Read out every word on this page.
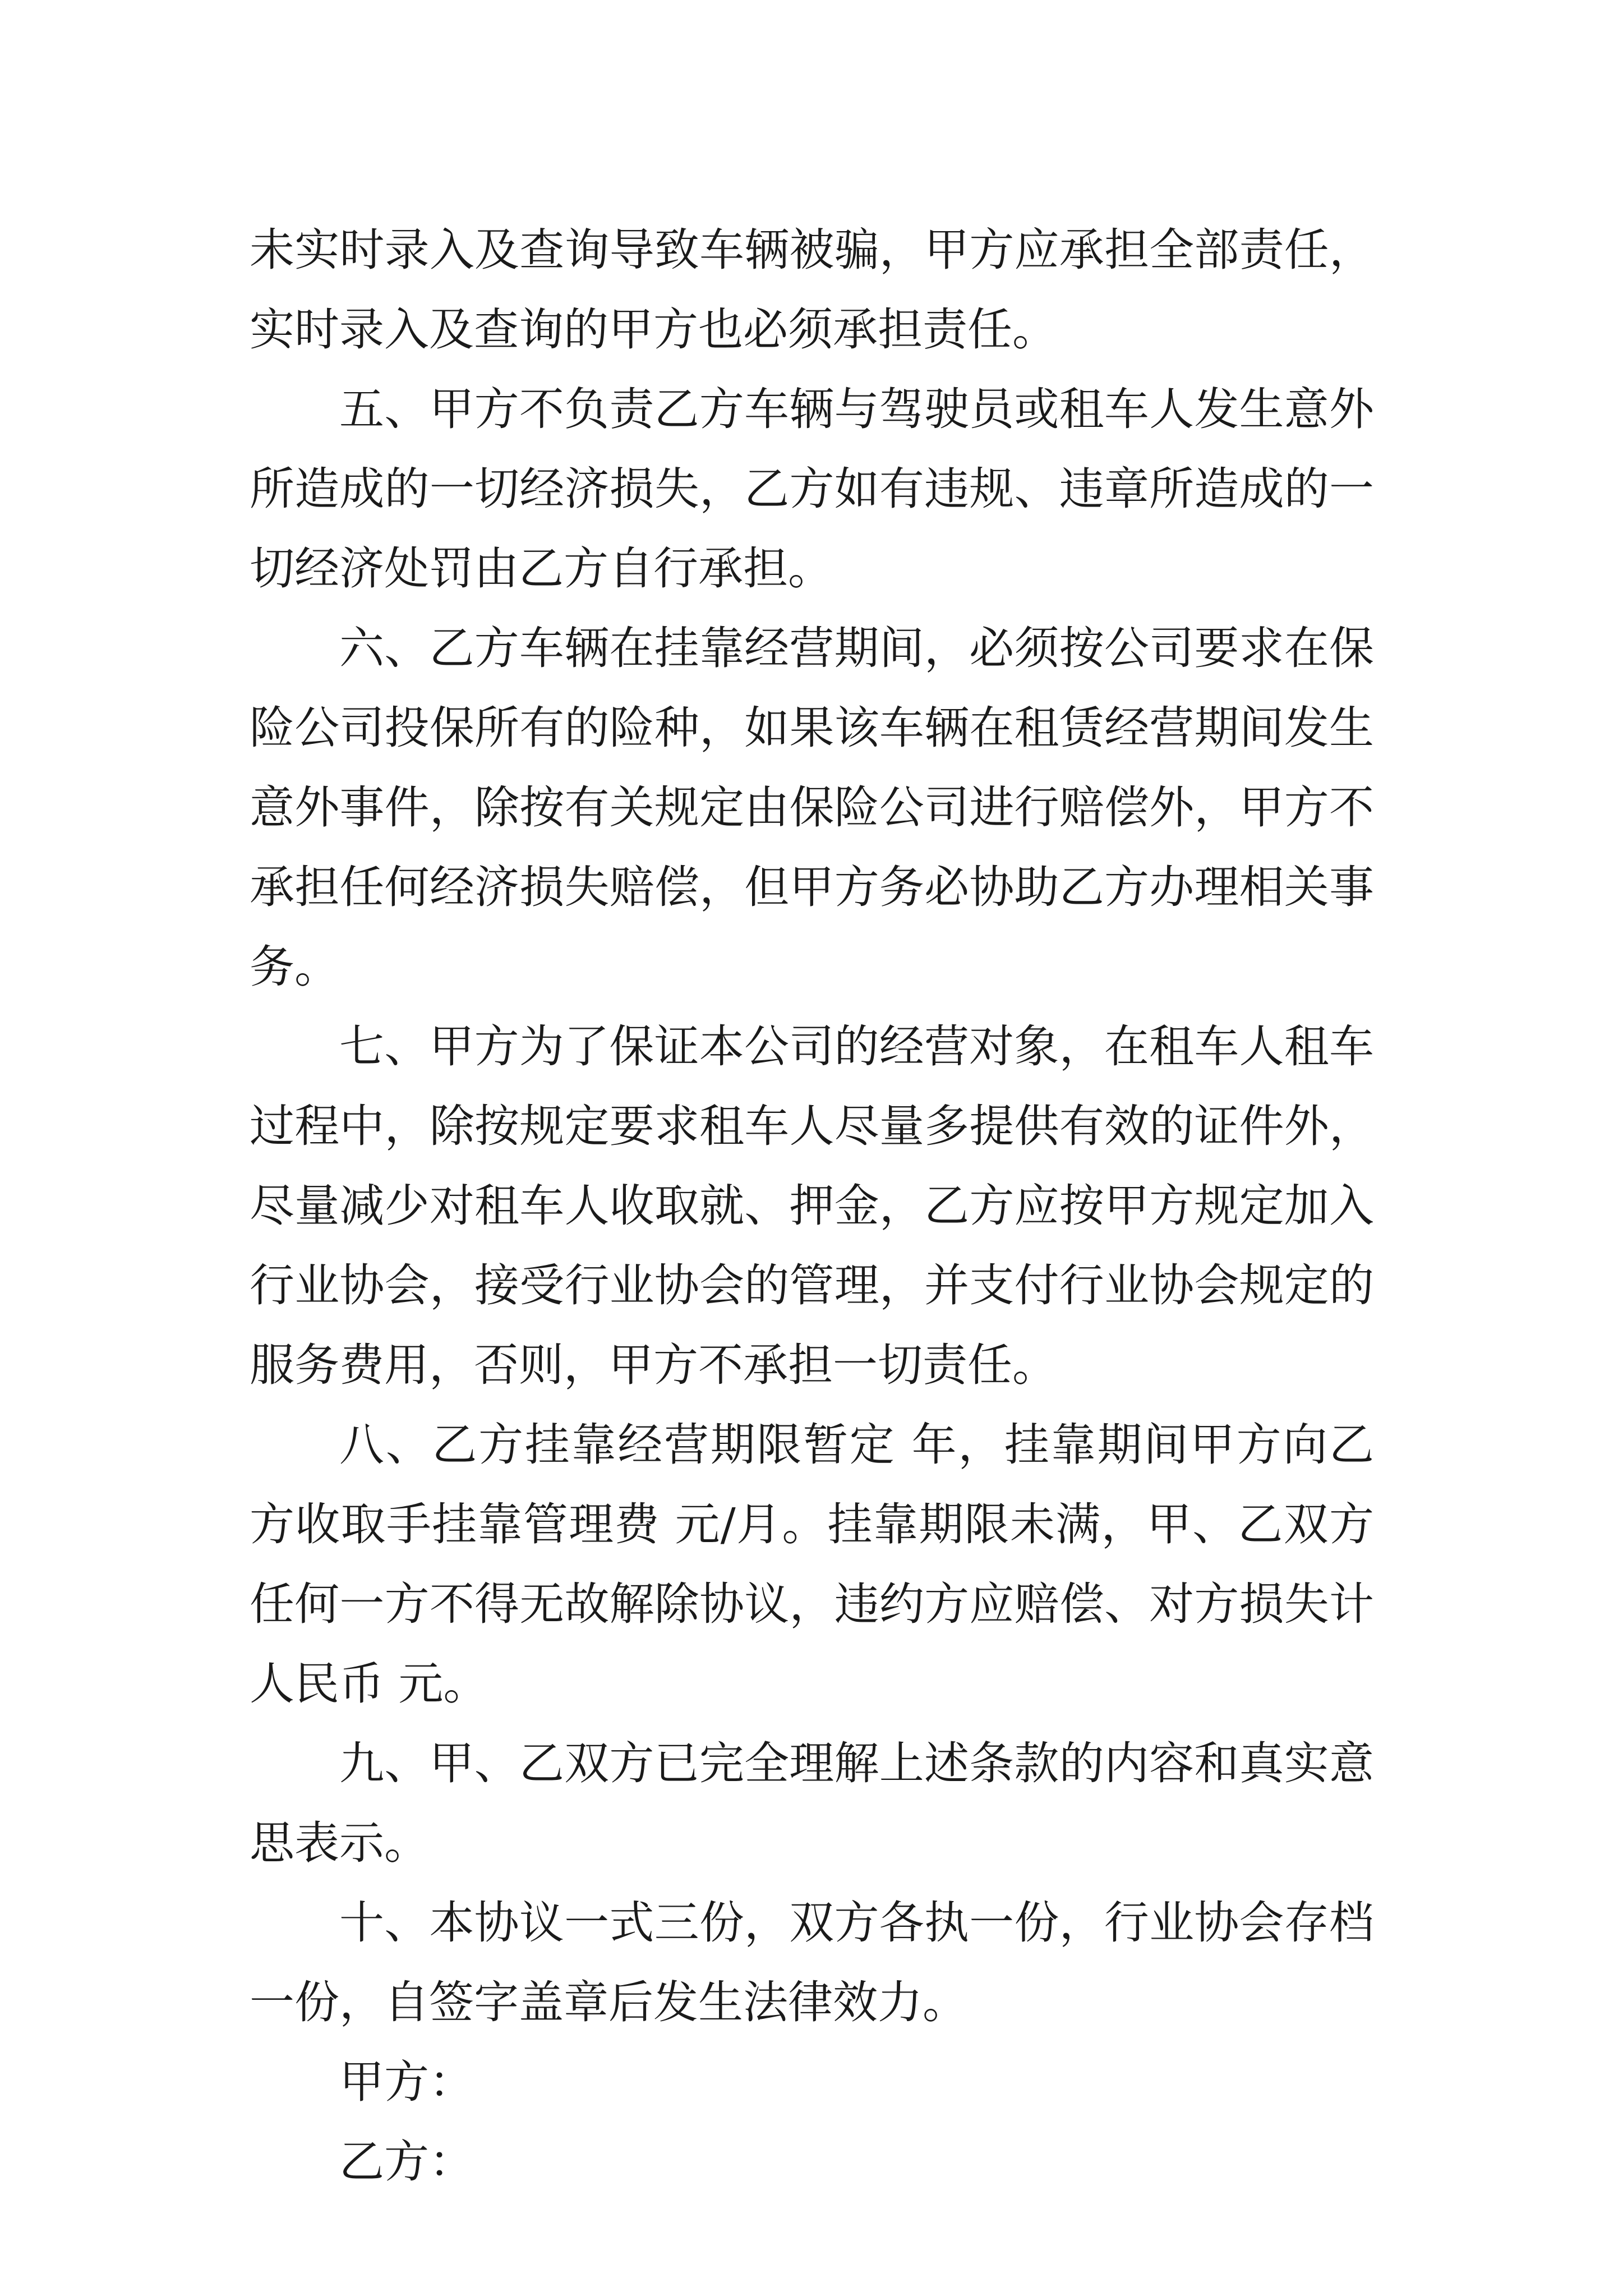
未实时录入及查询导致车辆被骗，甲方应承担全部责任，实时录入及查询的甲方也必须承担责任。

五、甲方不负责乙方车辆与驾驶员或租车人发生意外所造成的一切经济损失，乙方如有违规、违章所造成的一切经济处罚由乙方自行承担。

六、乙方车辆在挂靠经营期间，必须按公司要求在保险公司投保所有的险种，如果该车辆在租赁经营期间发生意外事件，除按有关规定由保险公司进行赔偿外，甲方不承担任何经济损失赔偿，但甲方务必协助乙方办理相关事务。

七、甲方为了保证本公司的经营对象，在租车人租车过程中，除按规定要求租车人尽量多提供有效的证件外，尽量减少对租车人收取就、押金，乙方应按甲方规定加入行业协会，接受行业协会的管理，并支付行业协会规定的服务费用，否则，甲方不承担一切责任。

八、乙方挂靠经营期限暂定 年，挂靠期间甲方向乙方收取手挂靠管理费 元/月。挂靠期限未满，甲、乙双方任何一方不得无故解除协议，违约方应赔偿、对方损失计人民币 元。

九、甲、乙双方已完全理解上述条款的内容和真实意思表示。

十、本协议一式三份，双方各执一份，行业协会存档一份，自签字盖章后发生法律效力。

甲方：

乙方：
